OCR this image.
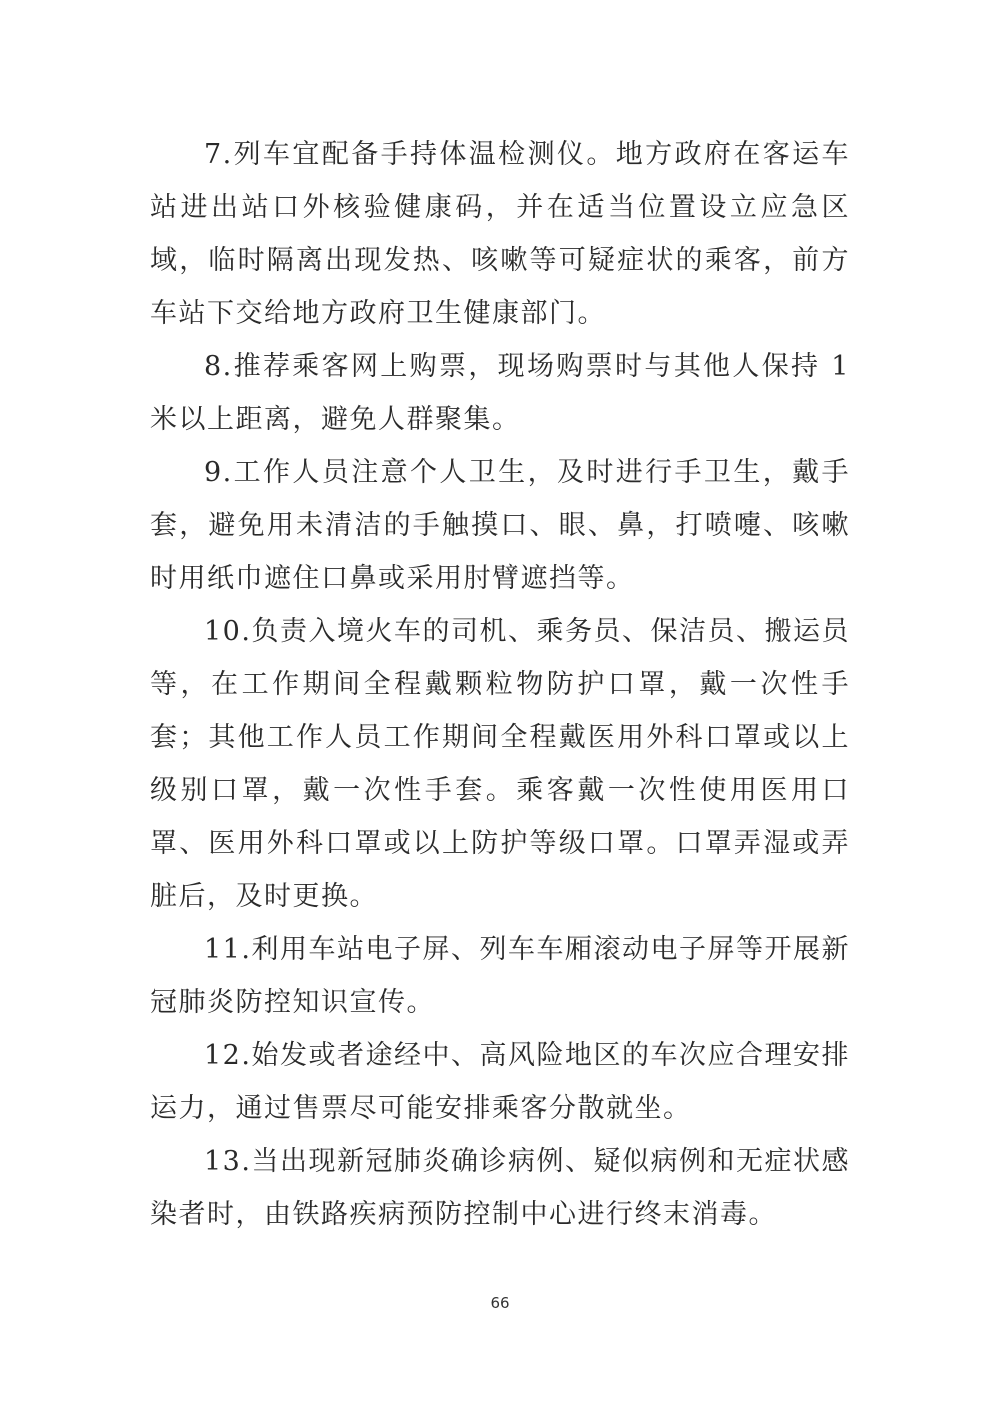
7.列车宜配备手持体温检测仪。地方政府在客运车站进出站口外核验健康码，并在适当位置设立应急区域，临时隔离出现发热、咳嗽等可疑症状的乘客，前方车站下交给地方政府卫生健康部门。

8.推荐乘客网上购票，现场购票时与其他人保持 1 米以上距离，避免人群聚集。

9.工作人员注意个人卫生，及时进行手卫生，戴手套，避免用未清洁的手触摸口、眼、鼻，打喷嚏、咳嗽时用纸巾遮住口鼻或采用肘臂遮挡等。

10.负责入境火车的司机、乘务员、保洁员、搬运员等，在工作期间全程戴颗粒物防护口罩，戴一次性手套；其他工作人员工作期间全程戴医用外科口罩或以上级别口罩，戴一次性手套。乘客戴一次性使用医用口罩、医用外科口罩或以上防护等级口罩。口罩弄湿或弄脏后，及时更换。

11.利用车站电子屏、列车车厢滚动电子屏等开展新冠肺炎防控知识宣传。

12.始发或者途经中、高风险地区的车次应合理安排运力，通过售票尽可能安排乘客分散就坐。

13.当出现新冠肺炎确诊病例、疑似病例和无症状感染者时，由铁路疾病预防控制中心进行终末消毒。

66
